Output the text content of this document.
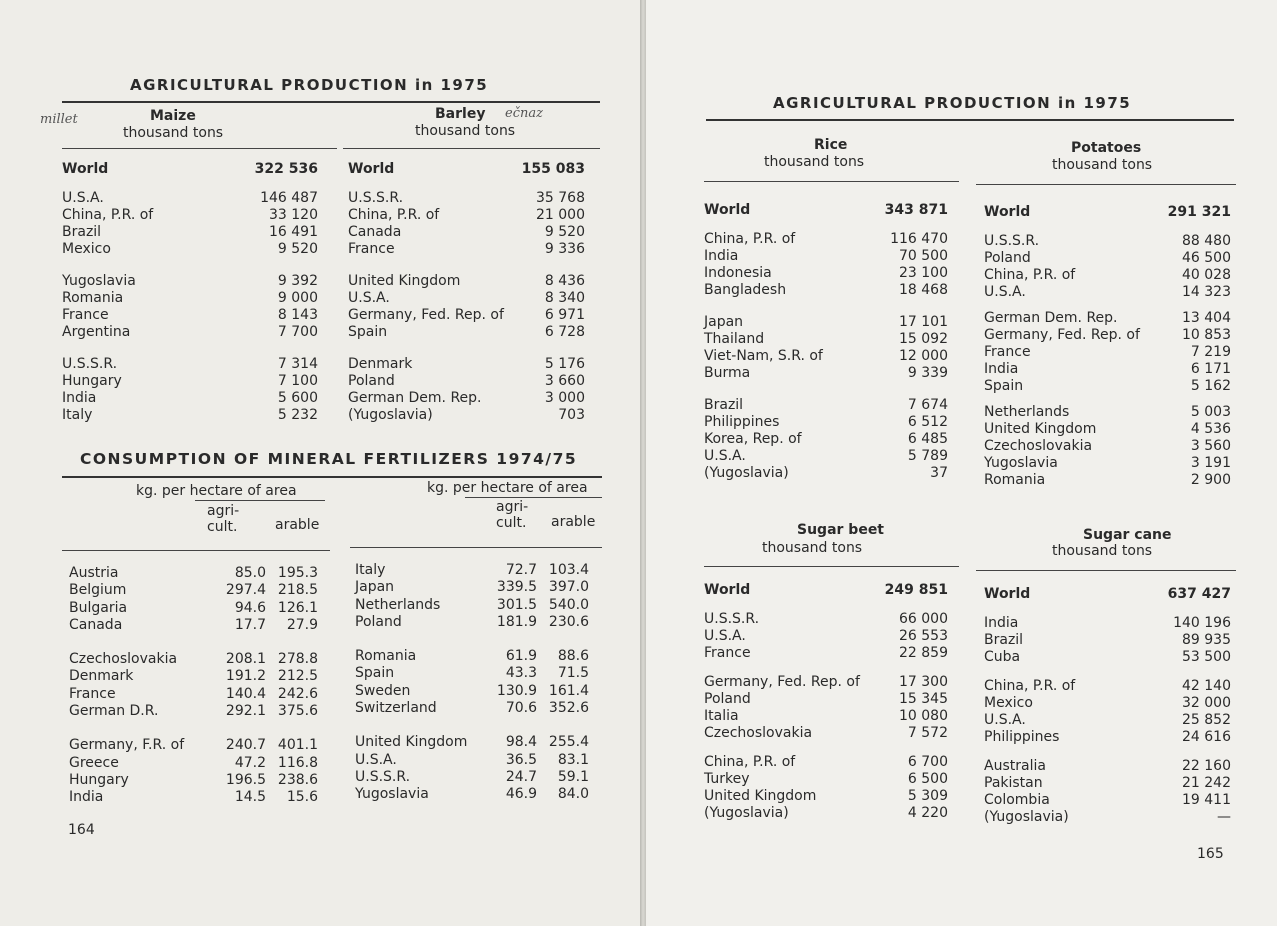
AGRICULTURAL PRODUCTION in 1975
millet	Maize
thousand tons
World	322 536
U.S.A.	146 487
China, P.R. of	33 120
Brazil	16 491
Mexico	9 520
Yugoslavia	9 392
Romania	9 000
France	8 143
Argentina	7 700
U.S.S.R.	7 314
Hungary	7 100
India	5 600
Italy	5 232
Barley ečnaz
thousand tons
World	155 083
U.S.S.R.	35 768
China, P.R. of	21 000
Canada	9 520
France	9 336
United Kingdom	8 436
U.S.A.	8 340
Germany, Fed. Rep. of	6 971
Spain	6 728
Denmark	5 176
Poland	3 660
German Dem. Rep.	3 000
(Yugoslavia)	703
CONSUMPTION OF MINERAL FERTILIZERS 1974/75
kg. per hectare of area	kg. per hectare of area
agri-
cult.	arable
agri-
cult. arable
Austria	85.0 195.3
Belgium	297.4 218.5
Bulgaria	94.6 126.1
Canada	17.7	27.9
Czechoslovakia	208.1 278.8
Denmark	191.2 212.5
France	140.4 242.6
German D.R.	292.1 375.6
Germany, F.R. of	240.7 401.1
Greece	47.2 116.8
Hungary	196.5 238.6
India	14.5	15.6
Italy	72.7 103.4
Japan	339.5 397.0
Netherlands	301.5 540.0
Poland	181.9 230.6
Romania	61.9	88.6
Spain	43.3	71.5
Sweden	130.9 161.4
Switzerland	70.6 352.6
United Kingdom	98.4 255.4
U.S.A.	36.5	83.1
U.S.S.R.	24.7	59.1
Yugoslavia	46.9	84.0
164
AGRICULTURAL PRODUCTION in 1975
Rice
thousand tons
World	343 871
China, P.R. of	116 470
India	70 500
Indonesia	23 100
Bangladesh	18 468
Japan	17 101
Thailand	15 092
Viet-Nam, S.R. of	12 000
Burma	9 339
Brazil	7 674
Philippines	6 512
Korea, Rep. of	6 485
U.S.A.	5 789
(Yugoslavia)	37
Potatoes
thousand tons
World	291 321
U.S.S.R.	88 480
Poland	46 500
China, P.R. of	40 028
U.S.A.	14 323
German Dem. Rep.	13 404
Germany, Fed. Rep. of	10 853
France	7 219
India	6 171
Spain	5 162
Netherlands	5 003
United Kingdom	4 536
Czechoslovakia	3 560
Yugoslavia	3 191
Romania	2 900
Sugar beet
thousand tons
World	249 851
U.S.S.R.	66 000
U.S.A.	26 553
France	22 859
Germany, Fed. Rep. of	17 300
Poland	15 345
Italia	10 080
Czechoslovakia	7 572
China, P.R. of	6 700
Turkey	6 500
United Kingdom	5 309
(Yugoslavia)	4 220
Sugar cane
thousand tons
World	637 427
India	140 196
Brazil	89 935
Cuba	53 500
China, P.R. of	42 140
Mexico	32 000
U.S.A.	25 852
Philippines	24 616
Australia	22 160
Pakistan	21 242
Colombia	19 411
(Yugoslavia)	—
165
